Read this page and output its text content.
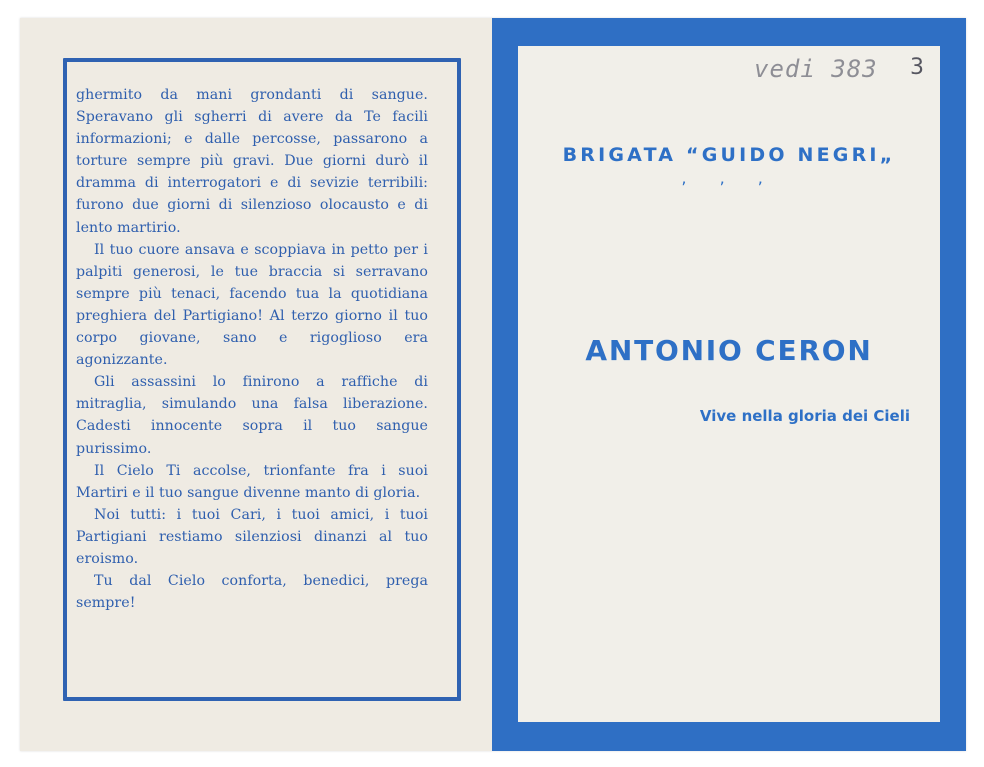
BRIGATA “GUIDO NEGRI„
’ ’ ’
ANTONIO CERON
Vive nella gloria dei Cieli

ghermito da mani grondanti di sangue. Speravano gli sgherri di avere da Te facili informazioni; e dalle percosse, passarono a torture sempre più gravi. Due giorni durò il dramma di interrogatori e di sevizie terribili: furono due giorni di silenzioso olocausto e di lento martirio.

Il tuo cuore ansava e scoppiava in petto per i palpiti generosi, le tue braccia si serravano sempre più tenaci, facendo tua la quotidiana preghiera del Partigiano! Al terzo giorno il tuo corpo giovane, sano e rigoglioso era agonizzante.

Gli assassini lo finirono a raffiche di mitraglia, simulando una falsa liberazione. Cadesti innocente sopra il tuo sangue purissimo.

Il Cielo Ti accolse, trionfante fra i suoi Martiri e il tuo sangue divenne manto di gloria.

Noi tutti: i tuoi Cari, i tuoi amici, i tuoi Partigiani restiamo silenziosi dinanzi al tuo eroismo.

Tu dal Cielo conforta, benedici, prega sempre!

vedi 383 3
